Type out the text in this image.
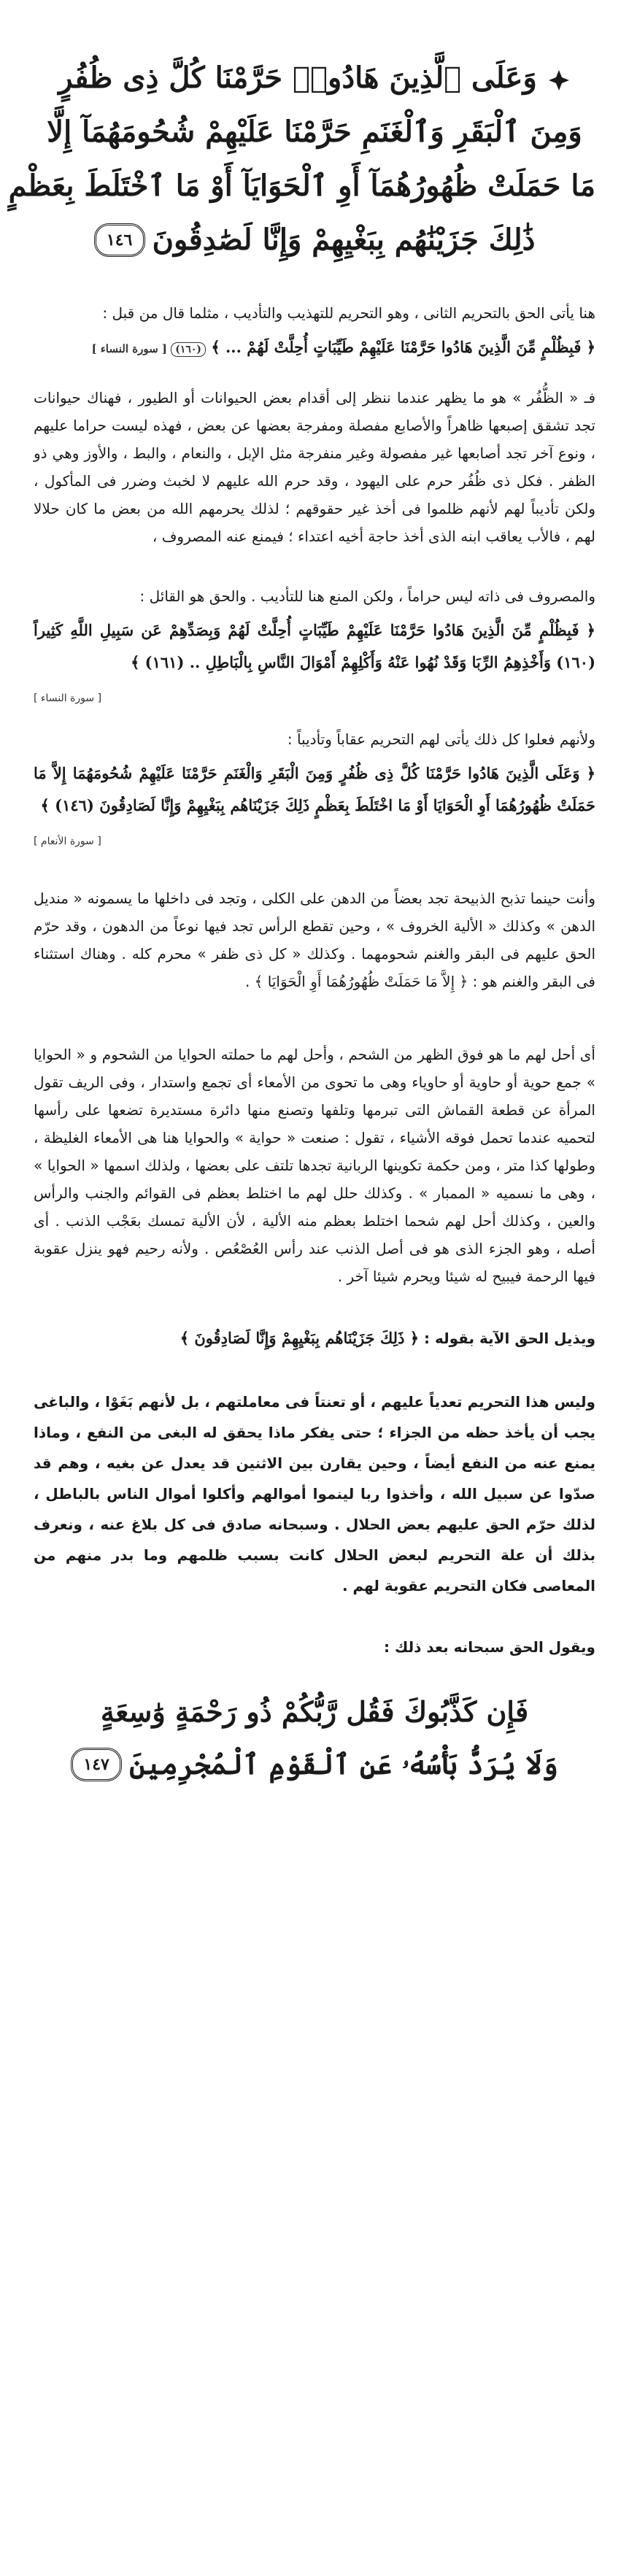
وَعَلَى ٱلَّذِينَ هَادُوا۟ حَرَّمْنَا كُلَّ ذِى ظُفُرٍ
وَمِنَ ٱلْبَقَرِ وَٱلْغَنَمِ حَرَّمْنَا عَلَيْهِمْ شُحُومَهُمَآ إِلَّا
مَا حَمَلَتْ ظُهُورُهُمَآ أَوِ ٱلْحَوَايَآ أَوْ مَا ٱخْتَلَطَ بِعَظْمٍ
ذَٰلِكَ جَزَيْنَٰهُم بِبَغْيِهِمْ وَإِنَّا لَصَٰدِقُونَ
١٤٦

هنا يأتى الحق بالتحريم الثانى ، وهو التحريم للتهذيب والتأديب ، مثلما قال من قبل :

﴿ فَبِظُلْمٍ مِّنَ الَّذِينَ هَادُوا حَرَّمْنَا عَلَيْهِمْ طَيِّبَاتٍ أُحِلَّتْ لَهُمْ ... ﴾ (١٦٠) [ سورة النساء ]

فـ « الظُّفُر » هو ما يظهر عندما ننظر إلى أقدام بعض الحيوانات أو الطيور ، فهناك حيوانات تجد تشقق إصبعها ظاهراً والأصابع مفصلة ومفرجة بعضها عن بعض ، فهذه ليست حراما عليهم ، ونوع آخر تجد أصابعها غير مفصولة وغير منفرجة مثل الإبل ، والنعام ، والبط ، والأوز وهي ذو الظفر . فكل ذى ظُفُر حرم على اليهود ، وقد حرم الله عليهم لا لخبث وضرر فى المأكول ، ولكن تأديباً لهم لأنهم ظلموا فى أخذ غير حقوقهم ؛ لذلك يحرمهم الله من بعض ما كان حلالا لهم ، فالأب يعاقب ابنه الذى أخذ حاجة أخيه اعتداء ؛ فيمنع عنه المصروف ،

والمصروف فى ذاته ليس حراماً ، ولكن المنع هنا للتأديب . والحق هو القائل :

﴿ فَبِظُلْمٍ مِّنَ الَّذِينَ هَادُوا حَرَّمْنَا عَلَيْهِمْ طَيِّبَاتٍ أُحِلَّتْ لَهُمْ وَبِصَدِّهِمْ عَن سَبِيلِ اللَّهِ كَثِيراً (١٦٠) وَأَخْذِهِمُ الرِّبَا وَقَدْ نُهُوا عَنْهُ وَأَكْلِهِمْ أَمْوَالَ النَّاسِ بِالْبَاطِلِ .. (١٦١) ﴾

[ سورة النساء ]

ولأنهم فعلوا كل ذلك يأتى لهم التحريم عقاباً وتأديباً :

﴿ وَعَلَى الَّذِينَ هَادُوا حَرَّمْنَا كُلَّ ذِى ظُفُرٍ وَمِنَ الْبَقَرِ وَالْغَنَمِ حَرَّمْنَا عَلَيْهِمْ شُحُومَهُمَا إِلاَّ مَا حَمَلَتْ ظُهُورُهُمَا أَوِ الْحَوَايَا أَوْ مَا اخْتَلَطَ بِعَظْمٍ ذَلِكَ جَزَيْنَاهُم بِبَغْيِهِمْ وَإِنَّا لَصَادِقُونَ (١٤٦) ﴾

[ سورة الأنعام ]

وأنت حينما تذبح الذبيحة تجد بعضاً من الدهن على الكلى ، وتجد فى داخلها ما يسمونه « منديل الدهن » وكذلك « الألية الخروف » ، وحين تقطع الرأس تجد فيها نوعاً من الدهون ، وقد حرّم الحق عليهم فى البقر والغنم شحومهما . وكذلك « كل ذى ظفر » محرم كله . وهناك استثناء فى البقر والغنم هو : ﴿ إِلاَّ مَا حَمَلَتْ ظُهُورُهُمَا أَوِ الْحَوَايَا ﴾ .

أى أحل لهم ما هو فوق الظهر من الشحم ، وأحل لهم ما حملته الحوايا من الشحوم و « الحوايا » جمع حوية أو حاوية أو حاوياء وهى ما تحوى من الأمعاء أى تجمع واستدار ، وفى الريف تقول المرأة عن قطعة القماش التى تبرمها وتلفها وتصنع منها دائرة مستديرة تضعها على رأسها لتحميه عندما تحمل فوقه الأشياء ، تقول : صنعت « حواية » والحوايا هنا هى الأمعاء الغليظة ، وطولها كذا متر ، ومن حكمة تكوينها الربانية تجدها تلتف على بعضها ، ولذلك اسمها « الحوايا » ، وهى ما نسميه « الممبار » . وكذلك حلل لهم ما اختلط بعظم فى القوائم والجنب والرأس والعين ، وكذلك أحل لهم شحما اختلط بعظم منه الألية ، لأن الألية تمسك بعَجْب الذنب . أى أصله ، وهو الجزء الذى هو فى أصل الذنب عند رأس العُصْعُص . ولأنه رحيم فهو ينزل عقوبة فيها الرحمة فيبيح له شيئا ويحرم شيئا آخر .

ويذيل الحق الآية بقوله : ﴿ ذَلِكَ جَزَيْنَاهُم بِبَغْيِهِمْ وَإِنَّا لَصَادِقُونَ ﴾

وليس هذا التحريم تعدياً عليهم ، أو تعنتاً فى معاملتهم ، بل لأنهم بَغَوْا ، والباغى يجب أن يأخذ حظه من الجزاء ؛ حتى يفكر ماذا يحقق له البغى من النفع ، وماذا يمنع عنه من النفع أيضاً ، وحين يقارن بين الاثنين قد يعدل عن بغيه ، وهم قد صدّوا عن سبيل الله ، وأخذوا ربا لينموا أموالهم وأكلوا أموال الناس بالباطل ، لذلك حرّم الحق عليهم بعض الحلال . وسبحانه صادق فى كل بلاغ عنه ، ونعرف بذلك أن علة التحريم لبعض الحلال كانت بسبب ظلمهم وما بدر منهم من المعاصى فكان التحريم عقوبة لهم .

ويقول الحق سبحانه بعد ذلك :

فَإِن كَذَّبُوكَ فَقُل رَّبُّكُمْ ذُو رَحْمَةٍ وَٰسِعَةٍ
وَلَا يُرَدُّ بَأْسُهُۥ عَنِ ٱلْقَوْمِ ٱلْمُجْرِمِينَ
١٤٧
